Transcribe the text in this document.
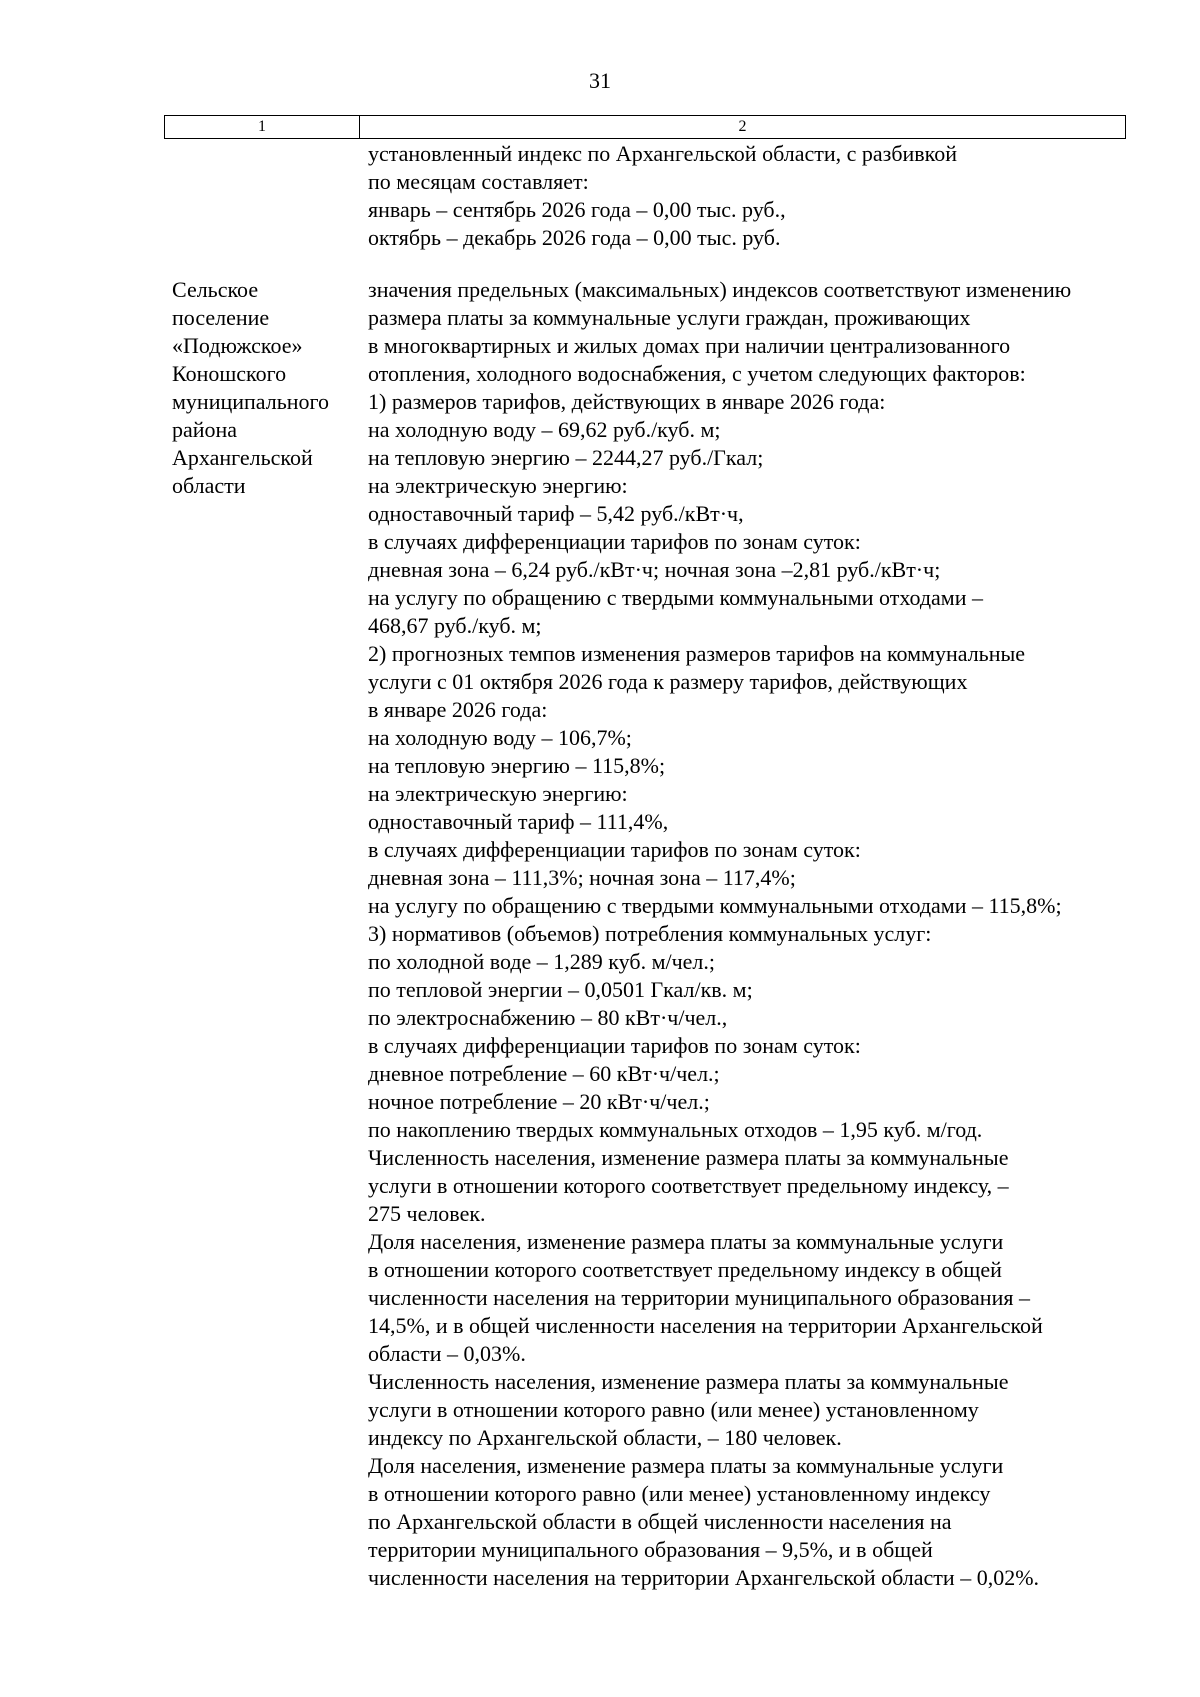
31
1	2
установленный индекс по Архангельской области, с разбивкой
по месяцам составляет:
январь – сентябрь 2026 года – 0,00 тыс. руб.,
октябрь – декабрь 2026 года – 0,00 тыс. руб.
Сельское
поселение
«Подюжское»
Коношского
муниципального
района
Архангельской
области
значения предельных (максимальных) индексов соответствуют изменению
размера платы за коммунальные услуги граждан, проживающих
в многоквартирных и жилых домах при наличии централизованного
отопления, холодного водоснабжения, с учетом следующих факторов:
1) размеров тарифов, действующих в январе 2026 года:
на холодную воду – 69,62 руб./куб. м;
на тепловую энергию – 2244,27 руб./Гкал;
на электрическую энергию:
одноставочный тариф – 5,42 руб./кВт·ч,
в случаях дифференциации тарифов по зонам суток:
дневная зона – 6,24 руб./кВт·ч; ночная зона –2,81 руб./кВт·ч;
на услугу по обращению с твердыми коммунальными отходами –
468,67 руб./куб. м;
2) прогнозных темпов изменения размеров тарифов на коммунальные
услуги с 01 октября 2026 года к размеру тарифов, действующих
в январе 2026 года:
на холодную воду – 106,7%;
на тепловую энергию – 115,8%;
на электрическую энергию:
одноставочный тариф – 111,4%,
в случаях дифференциации тарифов по зонам суток:
дневная зона – 111,3%; ночная зона – 117,4%;
на услугу по обращению с твердыми коммунальными отходами – 115,8%;
3) нормативов (объемов) потребления коммунальных услуг:
по холодной воде – 1,289 куб. м/чел.;
по тепловой энергии – 0,0501 Гкал/кв. м;
по электроснабжению – 80 кВт·ч/чел.,
в случаях дифференциации тарифов по зонам суток:
дневное потребление – 60 кВт·ч/чел.;
ночное потребление – 20 кВт·ч/чел.;
по накоплению твердых коммунальных отходов – 1,95 куб. м/год.
Численность населения, изменение размера платы за коммунальные
услуги в отношении которого соответствует предельному индексу, –
275 человек.
Доля населения, изменение размера платы за коммунальные услуги
в отношении которого соответствует предельному индексу в общей
численности населения на территории муниципального образования –
14,5%, и в общей численности населения на территории Архангельской
области – 0,03%.
Численность населения, изменение размера платы за коммунальные
услуги в отношении которого равно (или менее) установленному
индексу по Архангельской области, – 180 человек.
Доля населения, изменение размера платы за коммунальные услуги
в отношении которого равно (или менее) установленному индексу
по Архангельской области в общей численности населения на
территории муниципального образования – 9,5%, и в общей
численности населения на территории Архангельской области – 0,02%.
